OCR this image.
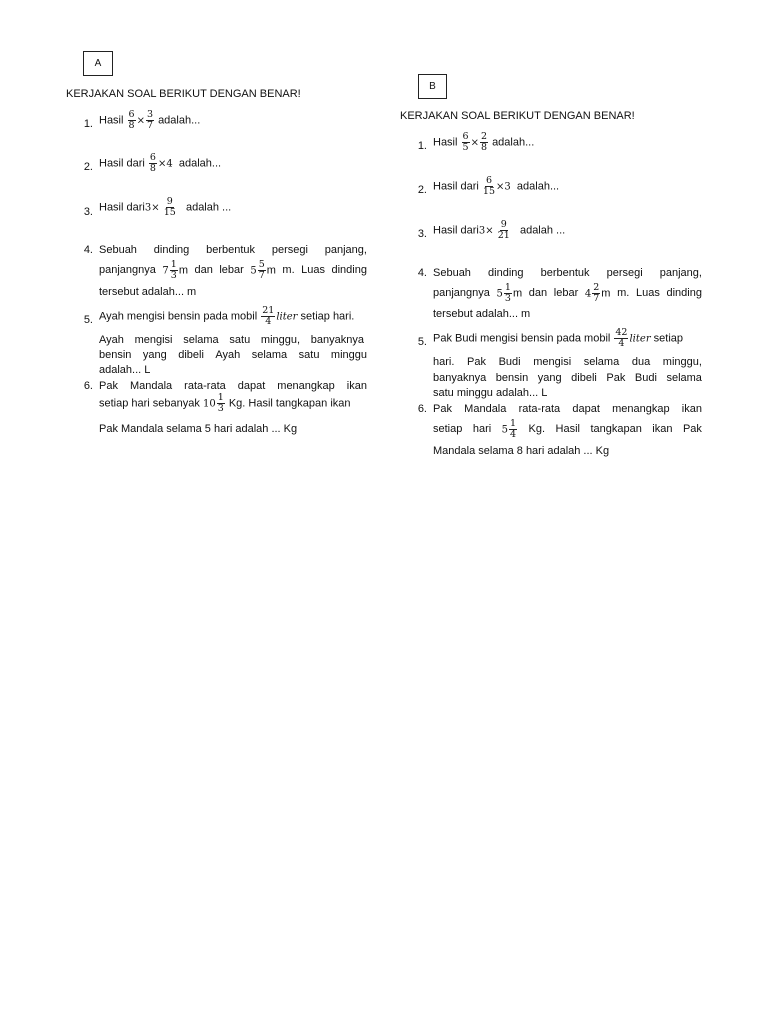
A
KERJAKAN SOAL BERIKUT DENGAN BENAR!
1. Hasil $\frac{6}{8} \times \frac{3}{7}$ adalah...
2. Hasil dari $\frac{6}{8} \times 4$ adalah...
3. Hasil dari3× $\frac{9}{15}$ adalah ...
4. Sebuah dinding berbentuk persegi panjang,
panjangnya $7 \frac{1}{3}$ m dan lebar $5 \frac{5}{7}$ m m. Luas dinding
tersebut adalah... m
5. Ayah mengisi bensin pada mobil $\frac{21}{4}$ liter setiap hari.
Ayah mengisi selama satu minggu, banyaknya
bensin yang dibeli Ayah selama satu minggu
adalah... L
6. Pak Mandala rata-rata dapat menangkap ikan
setiap hari sebanyak $10 \frac{1}{3} Kg$. Hasil tangkapan ikan
Pak Mandala selama 5 hari adalah ... Kg
B
KERJAKAN SOAL BERIKUT DENGAN BENAR!
1. Hasil $\frac{6}{5} \times \frac{2}{8}$ adalah...
2. Hasil dari $\frac{6}{15} \times 3$ adalah...
3. Hasil dari3× $\frac{9}{21}$ adalah ...
4. Sebuah dinding berbentuk persegi panjang,
panjangnya $5 \frac{1}{3}$ m dan lebar $4 \frac{2}{7}$ m m. Luas dinding
tersebut adalah... m
5. Pak Budi mengisi bensin pada mobil $\frac{42}{4}$ liter setiap
hari. Pak Budi mengisi selama dua minggu,
banyaknya bensin yang dibeli Pak Budi selama
satu minggu adalah... L
6. Pak Mandala rata-rata dapat menangkap ikan
setiap hari $5 \frac{1}{4} Kg$. Hasil tangkapan ikan Pak
Mandala selama 8 hari adalah ... Kg
